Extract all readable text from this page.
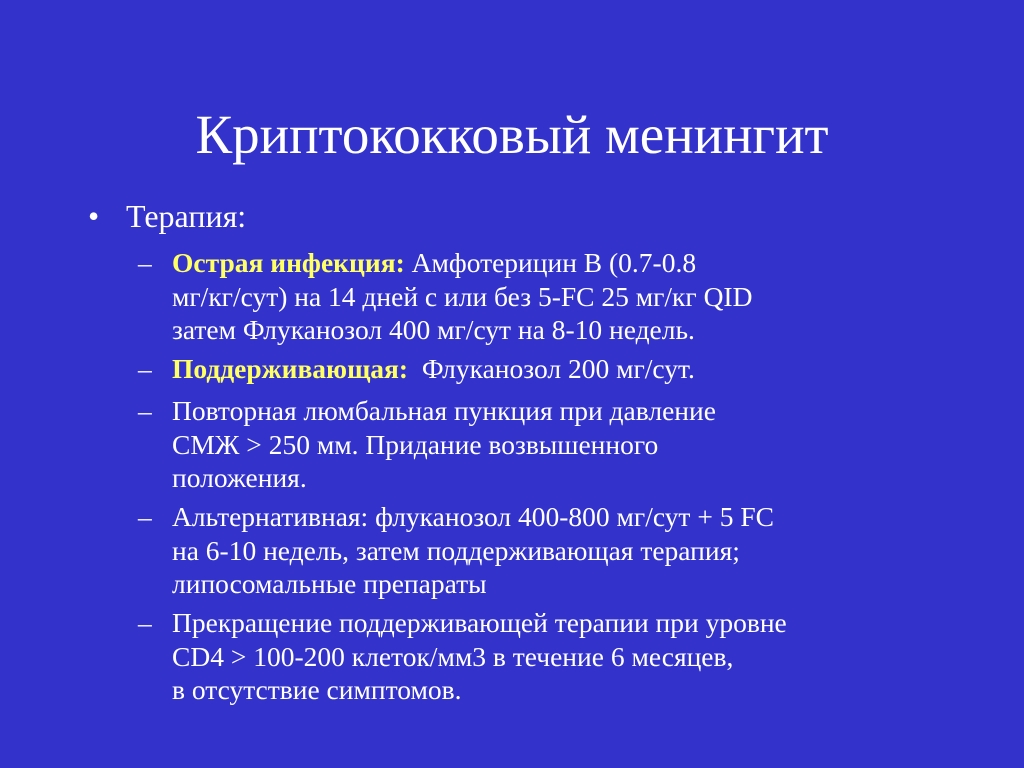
Криптококковый менингит
• Терапия:
– Острая инфекция: Амфотерицин B (0.7-0.8
мг/кг/сут) на 14 дней с или без 5-FC 25 мг/кг QID
затем Флуканозол 400 мг/сут на 8-10 недель.
– Поддерживающая:  Флуканозол 200 мг/сут.
– Повторная люмбальная пункция при давление
СМЖ > 250 мм. Придание возвышенного
положения.
– Альтернативная: флуканозол 400-800 мг/сут + 5 FC
на 6-10 недель, затем поддерживающая терапия;
липосомальные препараты
– Прекращение поддерживающей терапии при уровне
CD4 > 100-200 клеток/мм3 в течение 6 месяцев,
в отсутствие симптомов.
